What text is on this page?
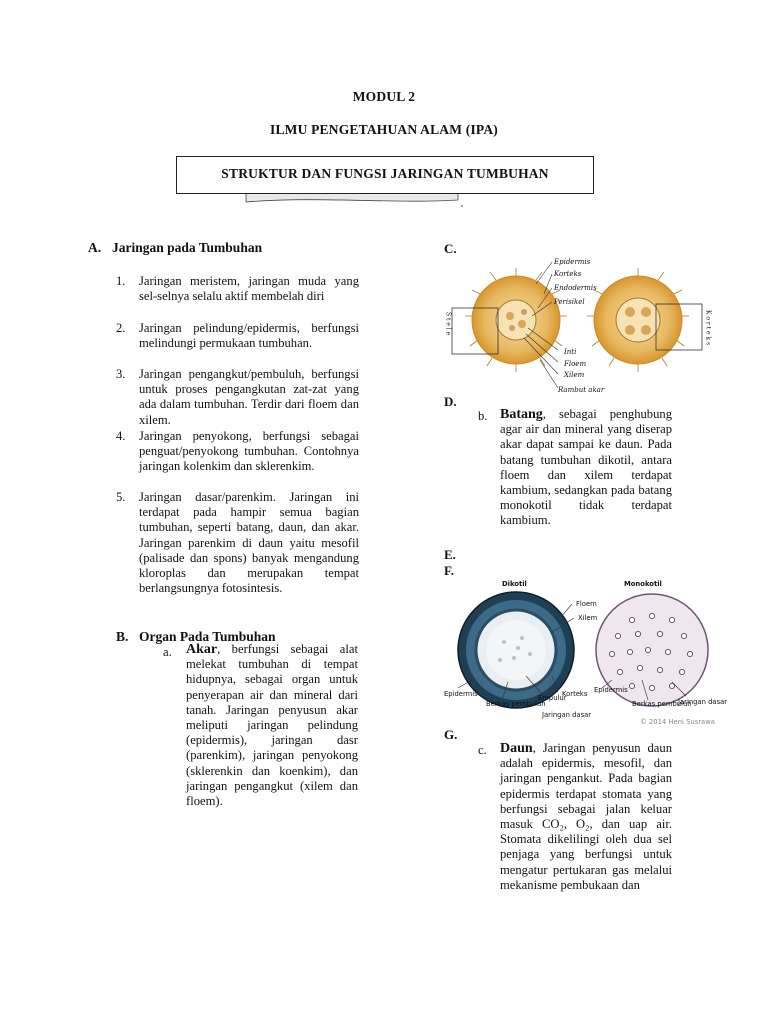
MODUL 2
ILMU PENGETAHUAN ALAM (IPA)
STRUKTUR DAN FUNGSI JARINGAN TUMBUHAN
A. Jaringan pada Tumbuhan
1. Jaringan meristem, jaringan muda yang sel-selnya selalu aktif membelah diri
2. Jaringan pelindung/epidermis, berfungsi melindungi permukaan tumbuhan.
3. Jaringan pengangkut/pembuluh, berfungsi untuk proses pengangkutan zat-zat yang ada dalam tumbuhan. Terdir dari floem dan xilem.
4. Jaringan penyokong, berfungsi sebagai penguat/penyokong tumbuhan. Contohnya jaringan kolenkim dan sklerenkim.
5. Jaringan dasar/parenkim. Jaringan ini terdapat pada hampir semua bagian tumbuhan, seperti batang, daun, dan akar. Jaringan parenkim di daun yaitu mesofil (palisade dan spons) banyak mengandung kloroplas dan merupakan tempat berlangsungnya fotosintesis.
B. Organ Pada Tumbuhan
a. Akar, berfungsi sebagai alat melekat tumbuhan di tempat hidupnya, sebagai organ untuk penyerapan air dan mineral dari tanah. Jaringan penyusun akar meliputi jaringan pelindung (epidermis), jaringan dasr (parenkim), jaringan penyokong (sklerenkin dan koenkim), dan jaringan pengangkut (xilem dan floem).
C.
Epidermis
Korteks
Endodermis
Perisikel
Inti
Floem
Xilem
Rambut akar
S t e l e	K o r t e k s
D.
b. Batang, sebagai penghubung agar air dan mineral yang diserap akar dapat sampai ke daun. Pada batang tumbuhan dikotil, antara floem dan xilem terdapat kambium, sedangkan pada batang monokotil tidak terdapat kambium.
E.
F.
Dikotil	Monokotil
Floem
Xilem
Epidermis
Berkas pembuluh
Empulur
Korteks
Jaringan dasar
Epidermis
Berkas pembuluh
Jaringan dasar
© 2014 Heni Susrawa
G.
c. Daun, Jaringan penyusun daun adalah epidermis, mesofil, dan jaringan pengankut. Pada bagian epidermis terdapat stomata yang berfungsi sebagai jalan keluar masuk CO₂, O₂, dan uap air. Stomata dikelilingi oleh dua sel penjaga yang berfungsi untuk mengatur pertukaran gas melalui mekanisme pembukaan dan
